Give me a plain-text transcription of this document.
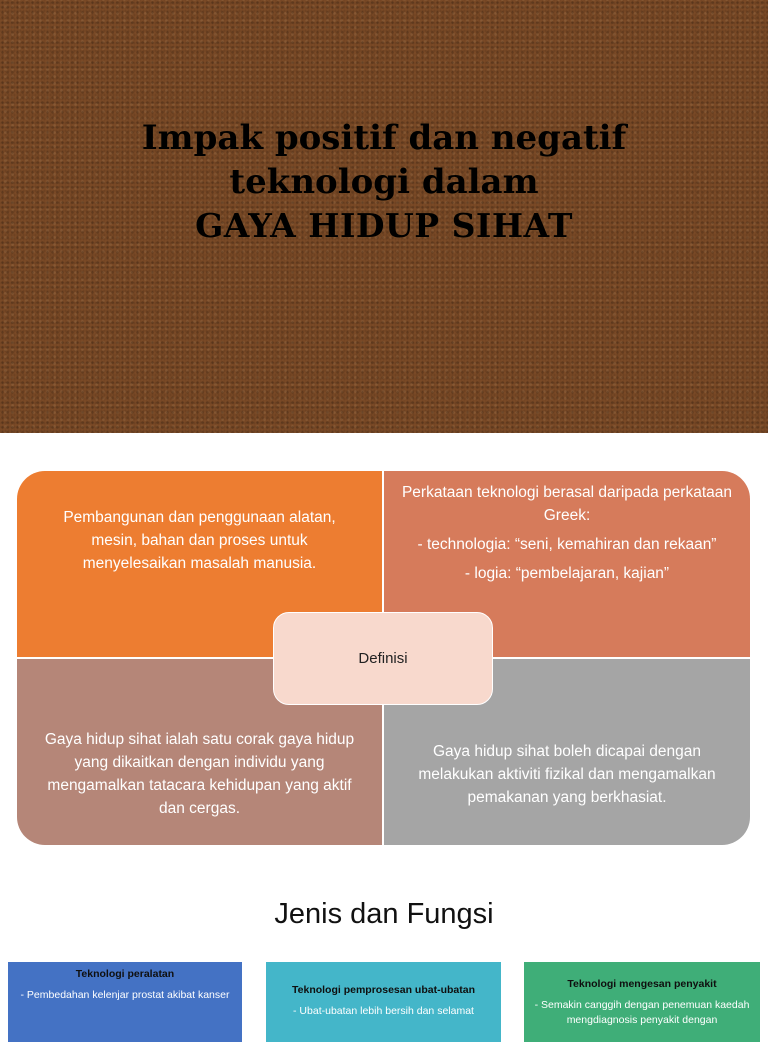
Impak positif dan negatif
teknologi dalam
GAYA HIDUP SIHAT
Pembangunan dan penggunaan alatan, mesin, bahan dan proses untuk menyelesaikan masalah manusia.

Perkataan teknologi berasal daripada perkataan Greek:

- technologia: “seni, kemahiran dan rekaan”

- logia: “pembelajaran, kajian”

Gaya hidup sihat ialah satu corak gaya hidup yang dikaitkan dengan individu yang mengamalkan tatacara kehidupan yang aktif dan cergas.
Gaya hidup sihat boleh dicapai dengan melakukan aktiviti fizikal dan mengamalkan pemakanan yang berkhasiat.
Definisi
Jenis dan Fungsi
Teknologi peralatan
- Pembedahan kelenjar prostat akibat kanser	Teknologi pemprosesan ubat-ubatan
- Ubat-ubatan lebih bersih dan selamat
Teknologi mengesan penyakit
- Semakin canggih dengan penemuan kaedah mengdiagnosis penyakit dengan
